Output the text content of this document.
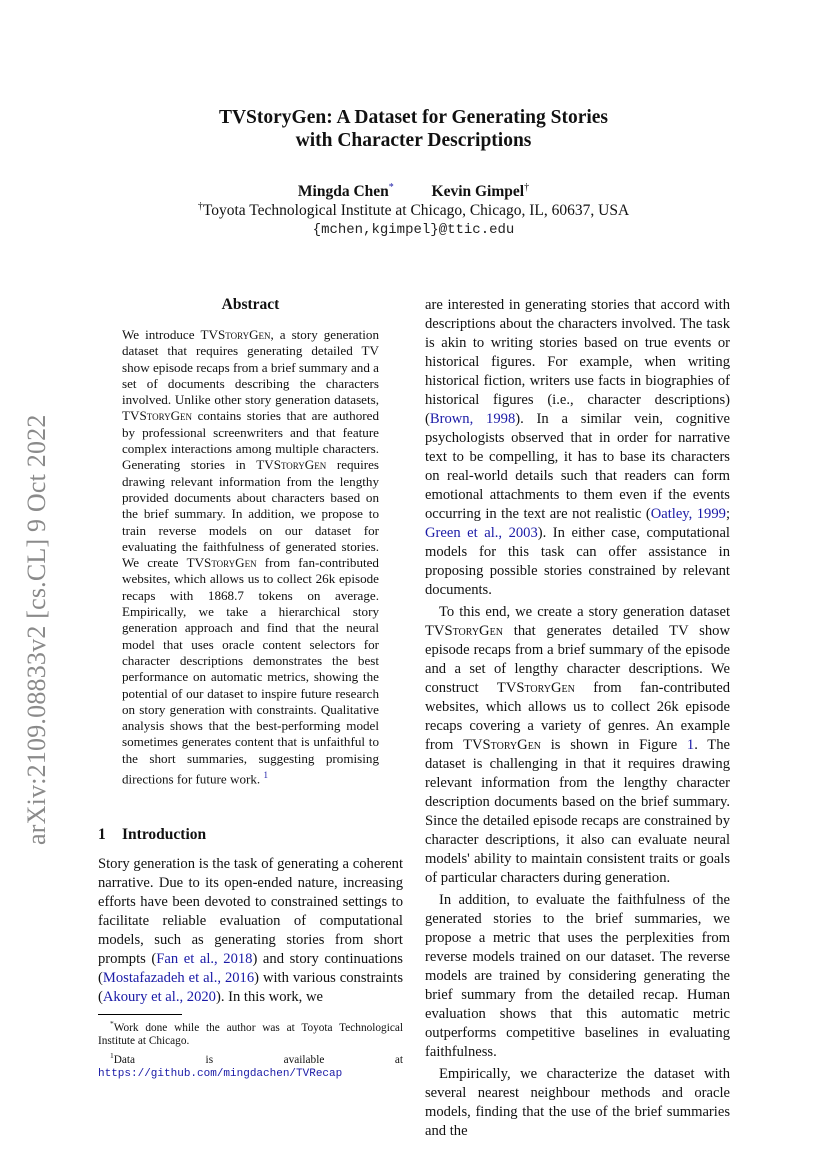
arXiv:2109.08833v2 [cs.CL] 9 Oct 2022
TVStoryGen: A Dataset for Generating Stories
with Character Descriptions
Mingda Chen* Kevin Gimpel†
†Toyota Technological Institute at Chicago, Chicago, IL, 60637, USA
{mchen,kgimpel}@ttic.edu
Abstract
We introduce TVStoryGen, a story generation dataset that requires generating detailed TV show episode recaps from a brief summary and a set of documents describing the characters involved. Unlike other story generation datasets, TVStoryGen contains stories that are authored by professional screenwriters and that feature complex interactions among multiple characters. Generating stories in TVStoryGen requires drawing relevant information from the lengthy provided documents about characters based on the brief summary. In addition, we propose to train reverse models on our dataset for evaluating the faithfulness of generated stories. We create TVStoryGen from fan-contributed websites, which allows us to collect 26k episode recaps with 1868.7 tokens on average. Empirically, we take a hierarchical story generation approach and find that the neural model that uses oracle content selectors for character descriptions demonstrates the best performance on automatic metrics, showing the potential of our dataset to inspire future research on story generation with constraints. Qualitative analysis shows that the best-performing model sometimes generates content that is unfaithful to the short summaries, suggesting promising directions for future work. $^1$
1 Introduction

Story generation is the task of generating a coherent narrative. Due to its open-ended nature, increasing efforts have been devoted to constrained settings to facilitate reliable evaluation of computational models, such as generating stories from short prompts (Fan et al., 2018) and story continuations (Mostafazadeh et al., 2016) with various constraints (Akoury et al., 2020). In this work, we

*Work done while the author was at Toyota Technological Institute at Chicago.

$^1$Data is available at https://github.com/mingdachen/TVRecap

are interested in generating stories that accord with descriptions about the characters involved. The task is akin to writing stories based on true events or historical figures. For example, when writing historical fiction, writers use facts in biographies of historical figures (i.e., character descriptions) (Brown, 1998). In a similar vein, cognitive psychologists observed that in order for narrative text to be compelling, it has to base its characters on real-world details such that readers can form emotional attachments to them even if the events occurring in the text are not realistic (Oatley, 1999; Green et al., 2003). In either case, computational models for this task can offer assistance in proposing possible stories constrained by relevant documents.

To this end, we create a story generation dataset TVStoryGen that generates detailed TV show episode recaps from a brief summary of the episode and a set of lengthy character descriptions. We construct TVStoryGen from fan-contributed websites, which allows us to collect 26k episode recaps covering a variety of genres. An example from TVStoryGen is shown in Figure 1. The dataset is challenging in that it requires drawing relevant information from the lengthy character description documents based on the brief summary. Since the detailed episode recaps are constrained by character descriptions, it also can evaluate neural models' ability to maintain consistent traits or goals of particular characters during generation.

In addition, to evaluate the faithfulness of the generated stories to the brief summaries, we propose a metric that uses the perplexities from reverse models trained on our dataset. The reverse models are trained by considering generating the brief summary from the detailed recap. Human evaluation shows that this automatic metric outperforms competitive baselines in evaluating faithfulness.

Empirically, we characterize the dataset with several nearest neighbour methods and oracle models, finding that the use of the brief summaries and the
